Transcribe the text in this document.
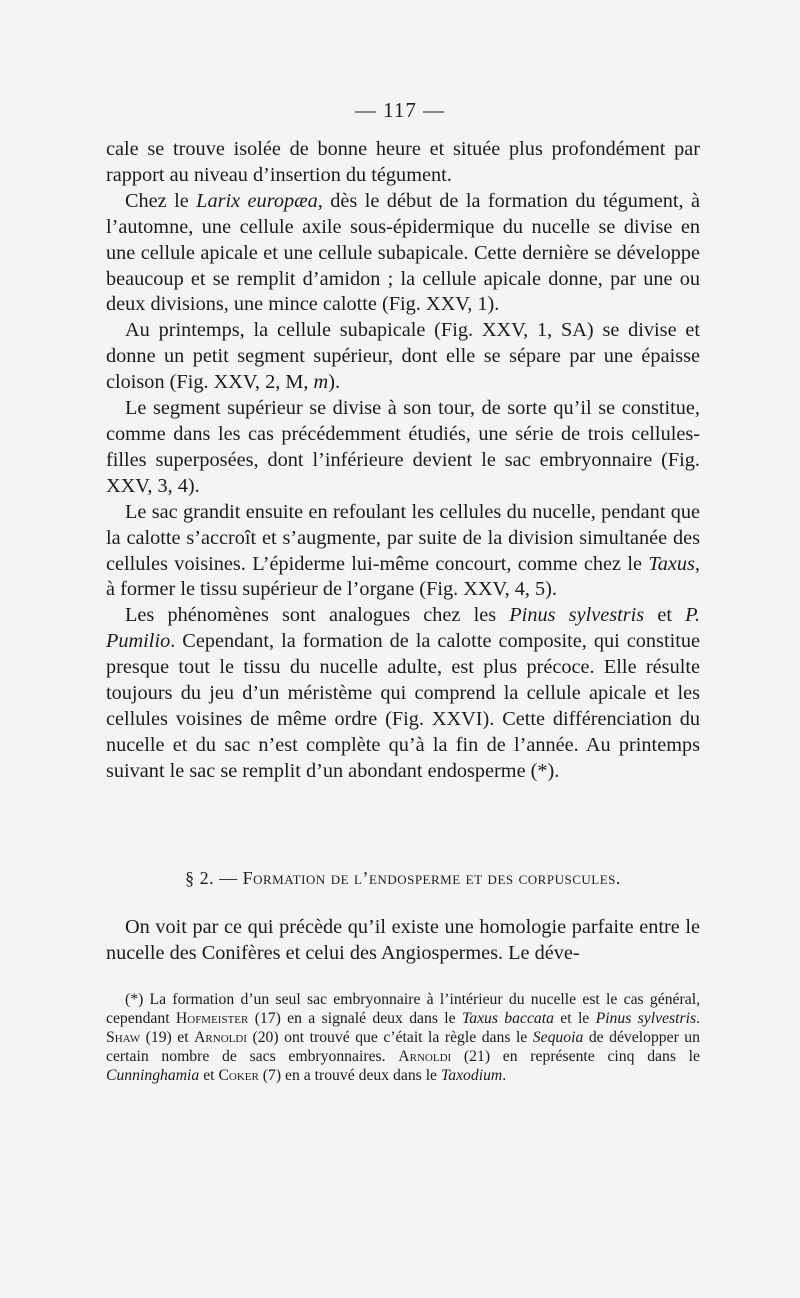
— 117 —

cale se trouve isolée de bonne heure et située plus profondément par rapport au niveau d’insertion du tégument.

Chez le Larix europæa, dès le début de la formation du tégument, à l’automne, une cellule axile sous-épidermique du nucelle se divise en une cellule apicale et une cellule subapicale. Cette dernière se développe beaucoup et se remplit d’amidon ; la cellule apicale donne, par une ou deux divisions, une mince calotte (Fig. XXV, 1).

Au printemps, la cellule subapicale (Fig. XXV, 1, SA) se divise et donne un petit segment supérieur, dont elle se sépare par une épaisse cloison (Fig. XXV, 2, M, m).

Le segment supérieur se divise à son tour, de sorte qu’il se constitue, comme dans les cas précédemment étudiés, une série de trois cellules-filles superposées, dont l’inférieure devient le sac embryonnaire (Fig. XXV, 3, 4).

Le sac grandit ensuite en refoulant les cellules du nucelle, pendant que la calotte s’accroît et s’augmente, par suite de la division simultanée des cellules voisines. L’épiderme lui-même concourt, comme chez le Taxus, à former le tissu supérieur de l’organe (Fig. XXV, 4, 5).

Les phénomènes sont analogues chez les Pinus sylvestris et P. Pumilio. Cependant, la formation de la calotte composite, qui constitue presque tout le tissu du nucelle adulte, est plus précoce. Elle résulte toujours du jeu d’un méristème qui comprend la cellule apicale et les cellules voisines de même ordre (Fig. XXVI). Cette différenciation du nucelle et du sac n’est complète qu’à la fin de l’année. Au printemps suivant le sac se remplit d’un abondant endosperme (*).

§ 2. — Formation de l’endosperme et des corpuscules.

On voit par ce qui précède qu’il existe une homologie parfaite entre le nucelle des Conifères et celui des Angiospermes. Le déve-

(*) La formation d’un seul sac embryonnaire à l’intérieur du nucelle est le cas général, cependant Hofmeister (17) en a signalé deux dans le Taxus baccata et le Pinus sylvestris. Shaw (19) et Arnoldi (20) ont trouvé que c’était la règle dans le Sequoia de développer un certain nombre de sacs embryonnaires. Arnoldi (21) en représente cinq dans le Cunninghamia et Coker (7) en a trouvé deux dans le Taxodium.
